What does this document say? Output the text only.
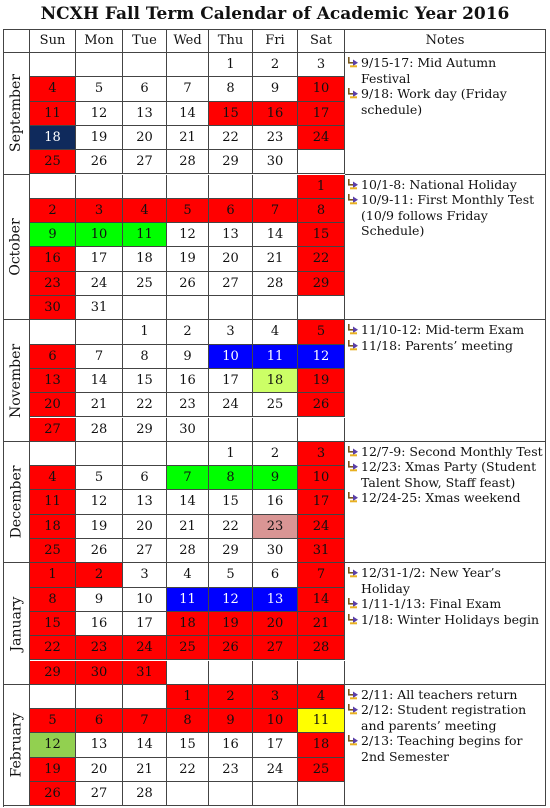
NCXH Fall Term Calendar of Academic Year 2016
2/11: All teachers return
2/12: Student registration and parents’ meeting
2/13: Teaching begins for 2nd Semester
28
27
26
25
24
23
22
21
20
19
18
17
16
15
14
13
12
11
10
9
8
7
6
5
4
3
2
1
February
12/31-1/2: New Year’s Holiday
1/11-1/13: Final Exam
1/18: Winter Holidays begin
31
30
29
28
27
26
25
24
23
22
21
20
19
18
17
16
15
14
13
12
11
10
9
8
7
6
5
4
3
2
1
January
12/7-9: Second Monthly Test
12/23: Xmas Party (Student Talent Show, Staff feast)
12/24-25: Xmas weekend
31
30
29
28
27
26
25
24
23
22
21
20
19
18
17
16
15
14
13
12
11
10
9
8
7
6
5
4
3
2
1
December
11/10-12: Mid-term Exam
11/18: Parents’ meeting
30
29
28
27
26
25
24
23
22
21
20
19
18
17
16
15
14
13
12
11
10
9
8
7
6
5
4
3
2
1
November
10/1-8: National Holiday
10/9-11: First Monthly Test (10/9 follows Friday Schedule)
31
30
29
28
27
26
25
24
23
22
21
20
19
18
17
16
15
14
13
12
11
10
9
8
7
6
5
4
3
2
1
October
9/15-17: Mid Autumn Festival
9/18: Work day (Friday schedule)
30
29
28
27
26
25
24
23
22
21
20
19
18
17
16
15
14
13
12
11
10
9
8
7
6
5
4
3
2
1
September
Notes
Sat
Fri
Thu
Wed
Tue
Mon
Sun
